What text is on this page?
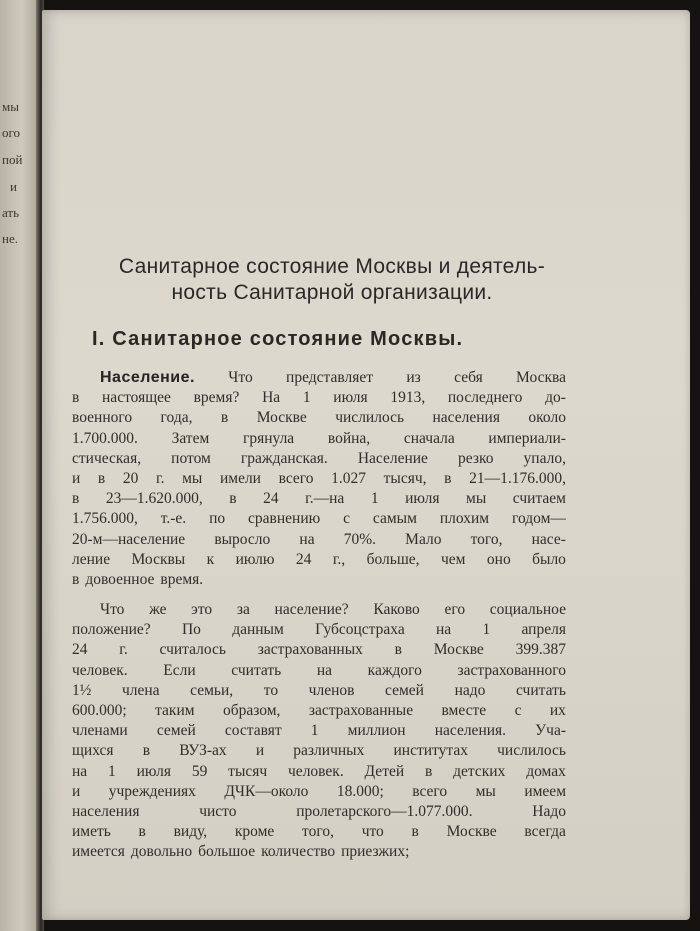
мы
ого
пой
и
ать
не.
Санитарное состояние Москвы и деятель-
ность Санитарной организации.
I. Санитарное состояние Москвы.
Население. Что представляет из себя Москва
в настоящее время? На 1 июля 1913, последнего до-
военного года, в Москве числилось населения около
1.700.000. Затем грянула война, сначала империали-
стическая, потом гражданская. Население резко упало,
и в 20 г. мы имели всего 1.027 тысяч, в 21—1.176.000,
в 23—1.620.000, в 24 г.—на 1 июля мы считаем
1.756.000, т.-е. по сравнению с самым плохим годом—
20-м—население выросло на 70%. Мало того, насе-
ление Москвы к июлю 24 г., больше, чем оно было
в довоенное время.
Что же это за население? Каково его социальное
положение? По данным Губсоцстраха на 1 апреля
24 г. считалось застрахованных в Москве 399.387
человек. Если считать на каждого застрахованного
1½ члена семьи, то членов семей надо считать
600.000; таким образом, застрахованные вместе с их
членами семей составят 1 миллион населения. Уча-
щихся в ВУЗ-ах и различных институтах числилось
на 1 июля 59 тысяч человек. Детей в детских домах
и учреждениях ДЧК—около 18.000; всего мы имеем
населения	чисто	пролетарского—1.077.000.	Надо
иметь в виду, кроме того, что в Москве всегда
имеется довольно большое количество приезжих;
